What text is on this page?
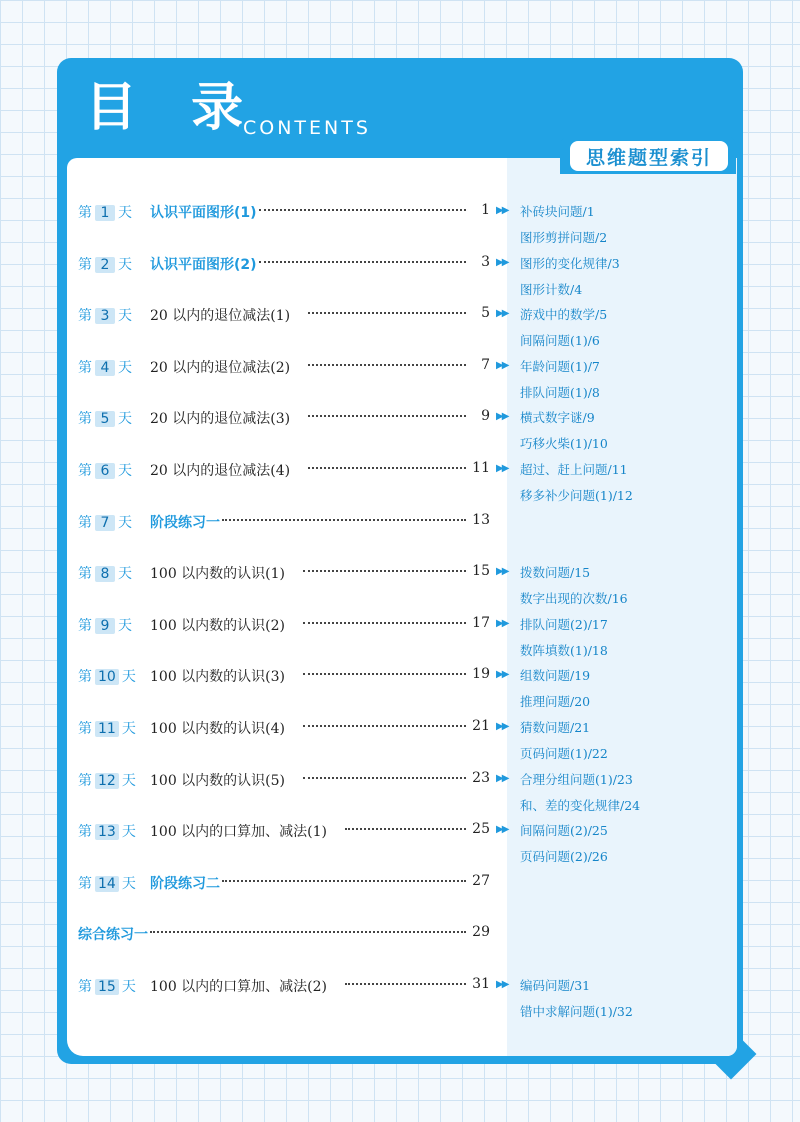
目 录
CONTENTS
思维题型索引
第 1 天 认识平面图形(1)	1 ▶▶ 补砖块问题/1
图形剪拼问题/2
第 2 天 认识平面图形(2)	3 ▶▶ 图形的变化规律/3
图形计数/4
第 3 天 20 以内的退位减法(1)	5 ▶▶ 游戏中的数学/5
间隔问题(1)/6
第 4 天 20 以内的退位减法(2)	7 ▶▶ 年龄问题(1)/7
排队问题(1)/8
第 5 天 20 以内的退位减法(3)	9 ▶▶ 横式数字谜/9
巧移火柴(1)/10
第 6 天 20 以内的退位减法(4)	11 ▶▶ 超过、赶上问题/11
移多补少问题(1)/12
第 7 天 阶段练习一	13
第 8 天 100 以内数的认识(1)	15 ▶▶ 拨数问题/15
数字出现的次数/16
第 9 天 100 以内数的认识(2)	17 ▶▶ 排队问题(2)/17
数阵填数(1)/18
第 10 天 100 以内数的认识(3)	19 ▶▶ 组数问题/19
推理问题/20
第 11 天 100 以内数的认识(4)	21 ▶▶ 猜数问题/21
页码问题(1)/22
第 12 天 100 以内数的认识(5)	23 ▶▶ 合理分组问题(1)/23
和、差的变化规律/24
第 13 天 100 以内的口算加、减法(1)	25 ▶▶ 间隔问题(2)/25
页码问题(2)/26
第 14 天 阶段练习二	27
综合练习一	29
第 15 天 100 以内的口算加、减法(2)	31 ▶▶ 编码问题/31
错中求解问题(1)/32
